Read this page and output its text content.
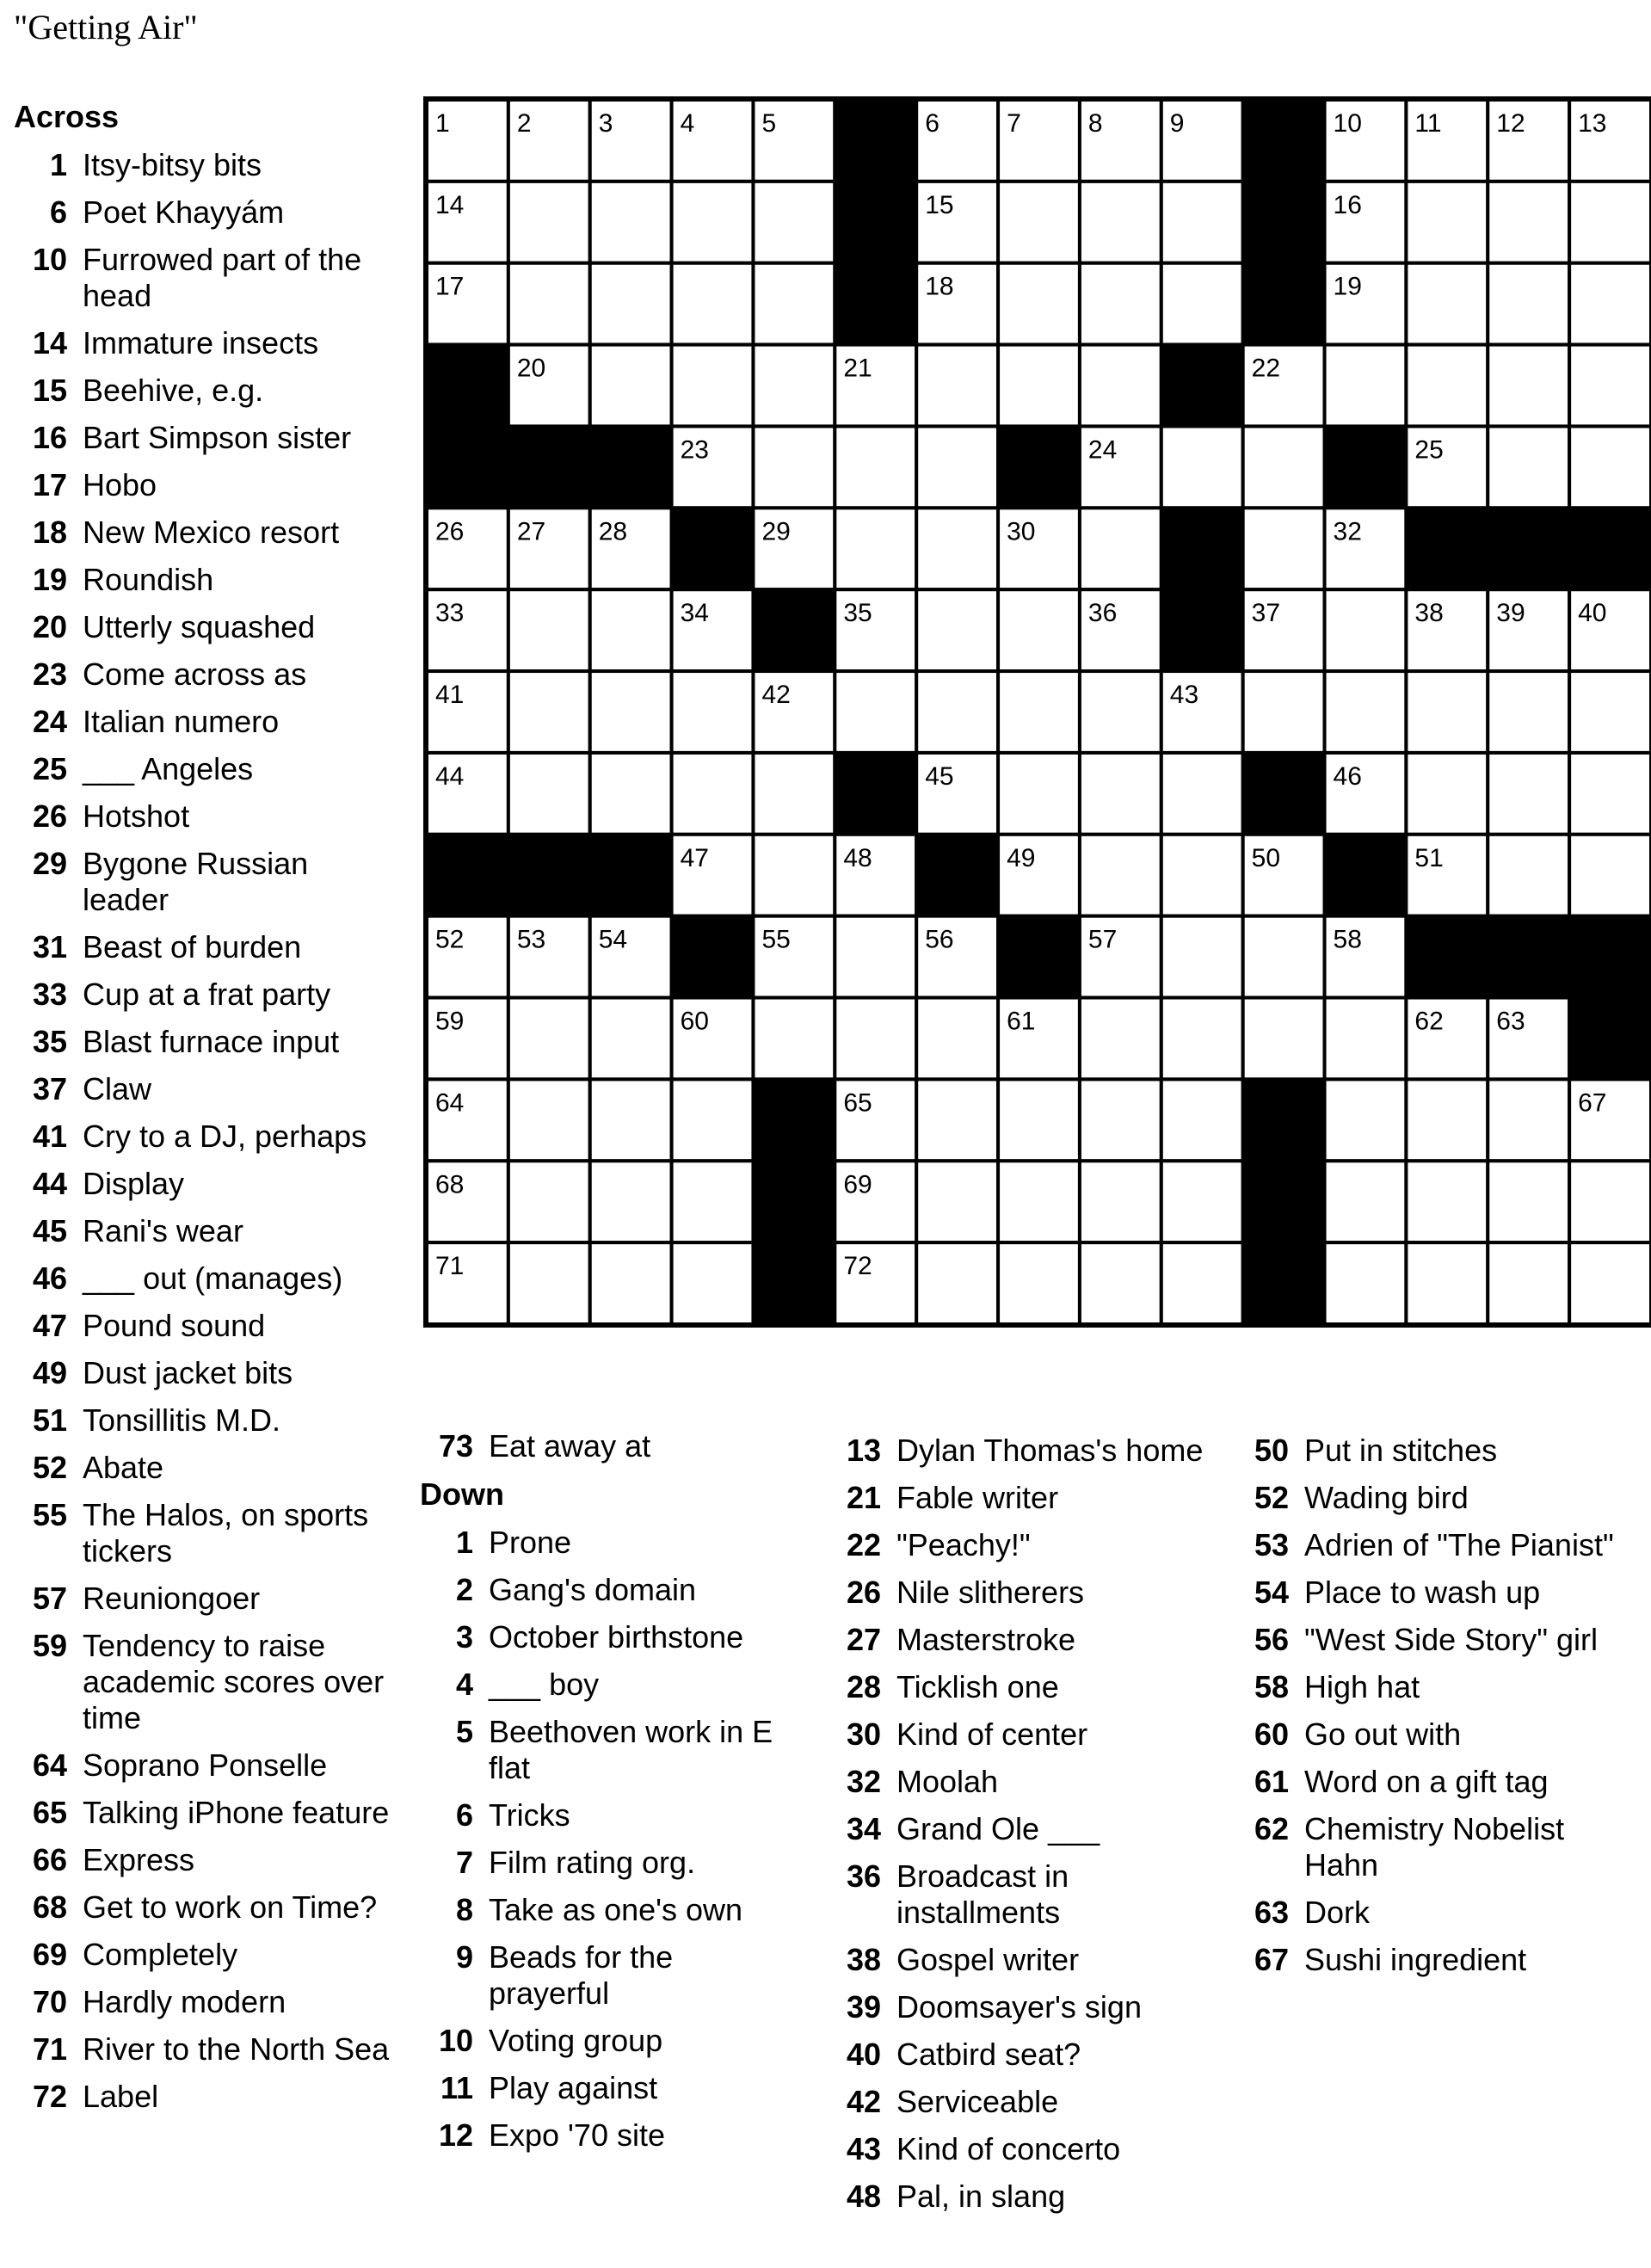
"Getting Air"
Across
1 Itsy-bitsy bits
6 Poet Khayyám
10 Furrowed part of the head
14 Immature insects
15 Beehive, e.g.
16 Bart Simpson sister
17 Hobo
18 New Mexico resort
19 Roundish
20 Utterly squashed
23 Come across as
24 Italian numero
25 ___ Angeles
26 Hotshot
29 Bygone Russian leader
31 Beast of burden
33 Cup at a frat party
35 Blast furnace input
37 Claw
41 Cry to a DJ, perhaps
44 Display
45 Rani's wear
46 ___ out (manages)
47 Pound sound
49 Dust jacket bits
51 Tonsillitis M.D.
52 Abate
55 The Halos, on sports tickers
57 Reuniongoer
59 Tendency to raise academic scores over time
64 Soprano Ponselle
65 Talking iPhone feature
66 Express
68 Get to work on Time?
69 Completely
70 Hardly modern
71 River to the North Sea
72 Label
73 Eat away at
Down
1 Prone
2 Gang's domain
3 October birthstone
4 ___ boy
5 Beethoven work in E flat
6 Tricks
7 Film rating org.
8 Take as one's own
9 Beads for the prayerful
10 Voting group
11 Play against
12 Expo '70 site
13 Dylan Thomas's home
21 Fable writer
22 "Peachy!"
26 Nile slitherers
27 Masterstroke
28 Ticklish one
30 Kind of center
32 Moolah
34 Grand Ole ___
36 Broadcast in installments
38 Gospel writer
39 Doomsayer's sign
40 Catbird seat?
42 Serviceable
43 Kind of concerto
48 Pal, in slang
50 Put in stitches
52 Wading bird
53 Adrien of "The Pianist"
54 Place to wash up
56 "West Side Story" girl
58 High hat
60 Go out with
61 Word on a gift tag
62 Chemistry Nobelist Hahn
63 Dork
67 Sushi ingredient
1	2	3	4	5	6	7	8	9	10 11 12 13
14	15	16
17	18	19
20	21	22
23	24	25
26 27 28	29	30	31	32
33	34	35	36	37	38 39 40
41	42	43
44	45	46
47	48	49	50	51
52 53 54	55	56	57	58
59	60	61	62 63
64	65	66	67
68	69	70
71	72	73
